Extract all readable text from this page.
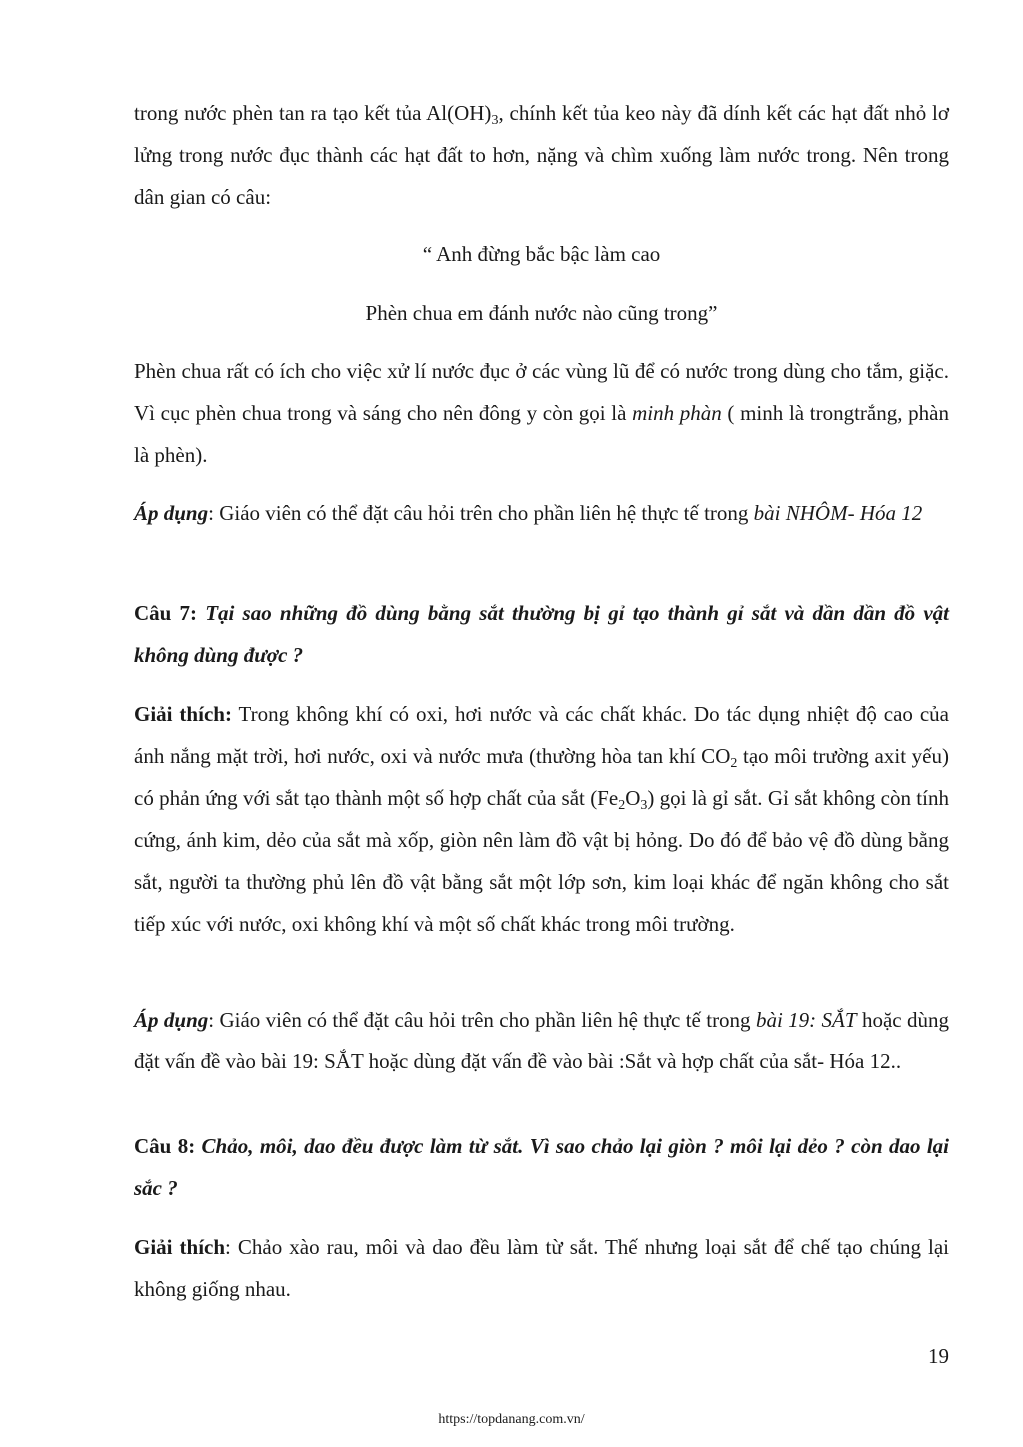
trong nước phèn tan ra tạo kết tủa $Al(OH)_3$, chính kết tủa keo này đã dính kết các hạt đất nhỏ lơ lửng trong nước đục thành các hạt đất to hơn, nặng và chìm xuống làm nước trong. Nên trong dân gian có câu:

“ Anh đừng bắc bậc làm cao

Phèn chua em đánh nước nào cũng trong”

Phèn chua rất có ích cho việc xử lí nước đục ở các vùng lũ để có nước trong dùng cho tắm, giặc. Vì cục phèn chua trong và sáng cho nên đông y còn gọi là minh phàn ( minh là trongtrắng, phàn là phèn).

Áp dụng: Giáo viên có thể đặt câu hỏi trên cho phần liên hệ thực tế trong bài NHÔM- Hóa 12

Câu 7: Tại sao những đồ dùng bằng sắt thường bị gỉ tạo thành gỉ sắt và dần dần đồ vật không dùng được ?

Giải thích: Trong không khí có oxi, hơi nước và các chất khác. Do tác dụng nhiệt độ cao của ánh nắng mặt trời, hơi nước, oxi và nước mưa (thường hòa tan khí $CO_2$ tạo môi trường axit yếu) có phản ứng với sắt tạo thành một số hợp chất của sắt $(Fe_2O_3)$ gọi là gỉ sắt. Gỉ sắt không còn tính cứng, ánh kim, dẻo của sắt mà xốp, giòn nên làm đồ vật bị hỏng. Do đó để bảo vệ đồ dùng bằng sắt, người ta thường phủ lên đồ vật bằng sắt một lớp sơn, kim loại khác để ngăn không cho sắt tiếp xúc với nước, oxi không khí và một số chất khác trong môi trường.

Áp dụng: Giáo viên có thể đặt câu hỏi trên cho phần liên hệ thực tế trong bài 19: SẮT hoặc dùng đặt vấn đề vào bài 19: SẮT hoặc dùng đặt vấn đề vào bài :Sắt và hợp chất của sắt- Hóa 12..

Câu 8: Chảo, môi, dao đều được làm từ sắt. Vì sao chảo lại giòn ? môi lại dẻo ? còn dao lại sắc ?

Giải thích: Chảo xào rau, môi và dao đều làm từ sắt. Thế nhưng loại sắt để chế tạo chúng lại không giống nhau.

19
https://topdanang.com.vn/
